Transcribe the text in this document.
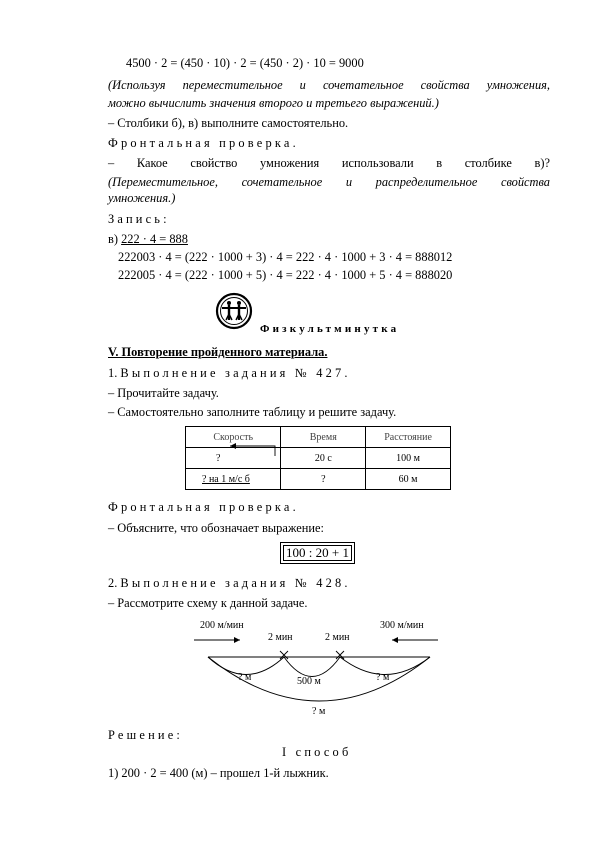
4500 · 2 = (450 · 10) · 2 = (450 · 2) · 10 = 9000
(Используя переместительное и сочетательное свойства умножения,
можно вычислить значения второго и третьего выражений.)
– Столбики б), в) выполните самостоятельно.
Фронтальная проверка.
– Какое свойство умножения использовали в столбике в)?
(Переместительное, сочетательное и распределительное свойства
умножения.)
Запись:
в) 222 · 4 = 888
222003 · 4 = (222 · 1000 + 3) · 4 = 222 · 4 · 1000 + 3 · 4 = 888012
222005 · 4 = (222 · 1000 + 5) · 4 = 222 · 4 · 1000 + 5 · 4 = 888020
Физкультминутка
V. Повторение пройденного материала.
1. Выполнение задания № 427.
– Прочитайте задачу.
– Самостоятельно заполните таблицу и решите задачу.
Скорость	Время	Расстояние
?	20 с	100 м
? на 1 м/с б	?	60 м
Фронтальная проверка.
– Объясните, что обозначает выражение:
100 : 20 + 1
2. Выполнение задания № 428.
– Рассмотрите схему к данной задаче.
200 м/мин	300 м/мин
2 мин	2 мин
? м	500 м	? м
? м
Решение:
I способ
1) 200 · 2 = 400 (м) – прошел 1-й лыжник.
